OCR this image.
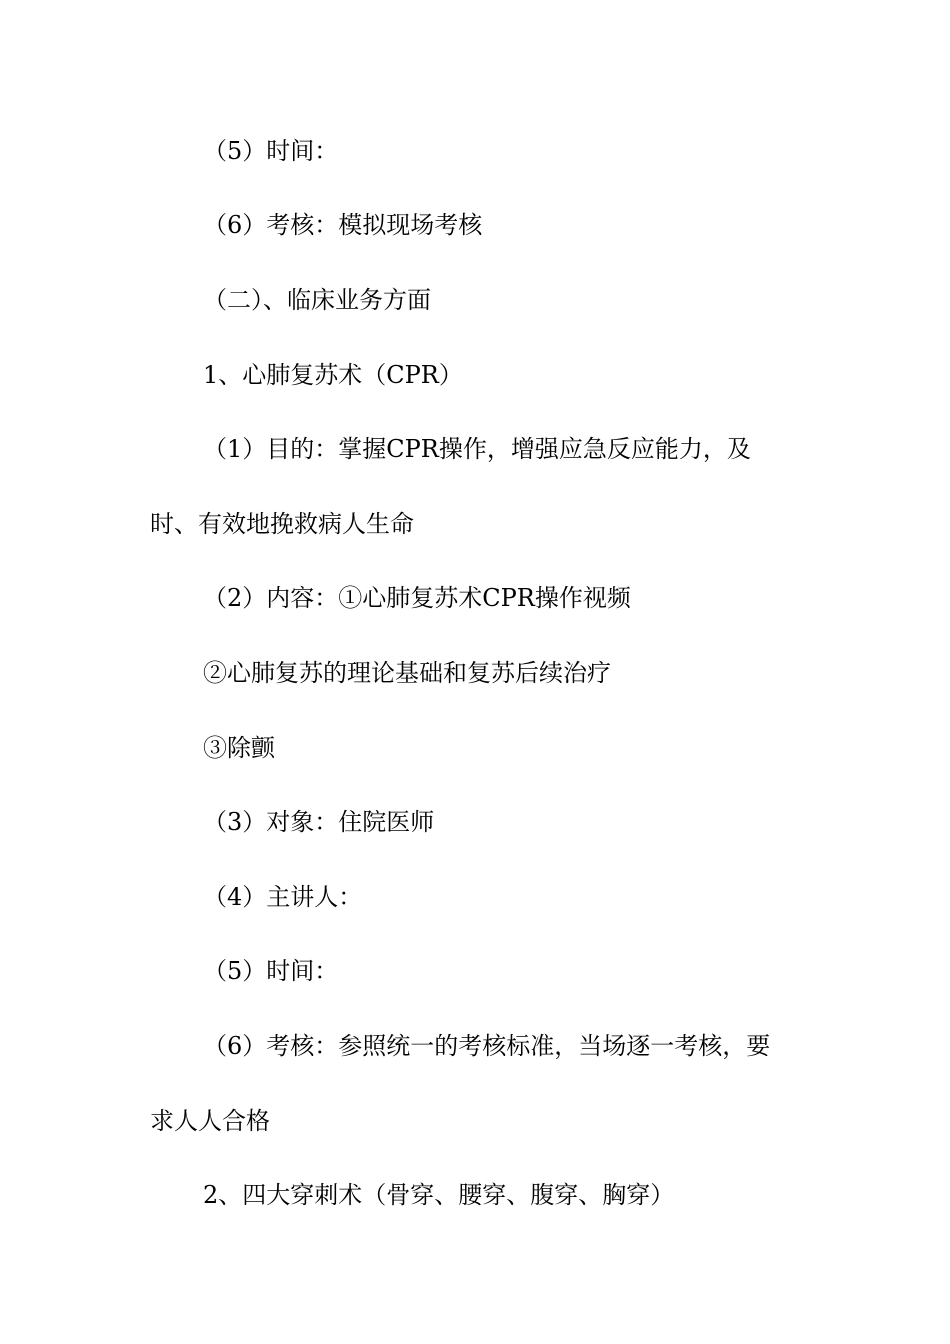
（5）时间：
（6）考核：模拟现场考核
（二）、临床业务方面
1、心肺复苏术（CPR）
（1）目的：掌握CPR操作，增强应急反应能力，及
时、有效地挽救病人生命
（2）内容：①心肺复苏术CPR操作视频
②心肺复苏的理论基础和复苏后续治疗
③除颤
（3）对象：住院医师
（4）主讲人：
（5）时间：
（6）考核：参照统一的考核标准，当场逐一考核，要
求人人合格
2、四大穿刺术（骨穿、腰穿、腹穿、胸穿）
